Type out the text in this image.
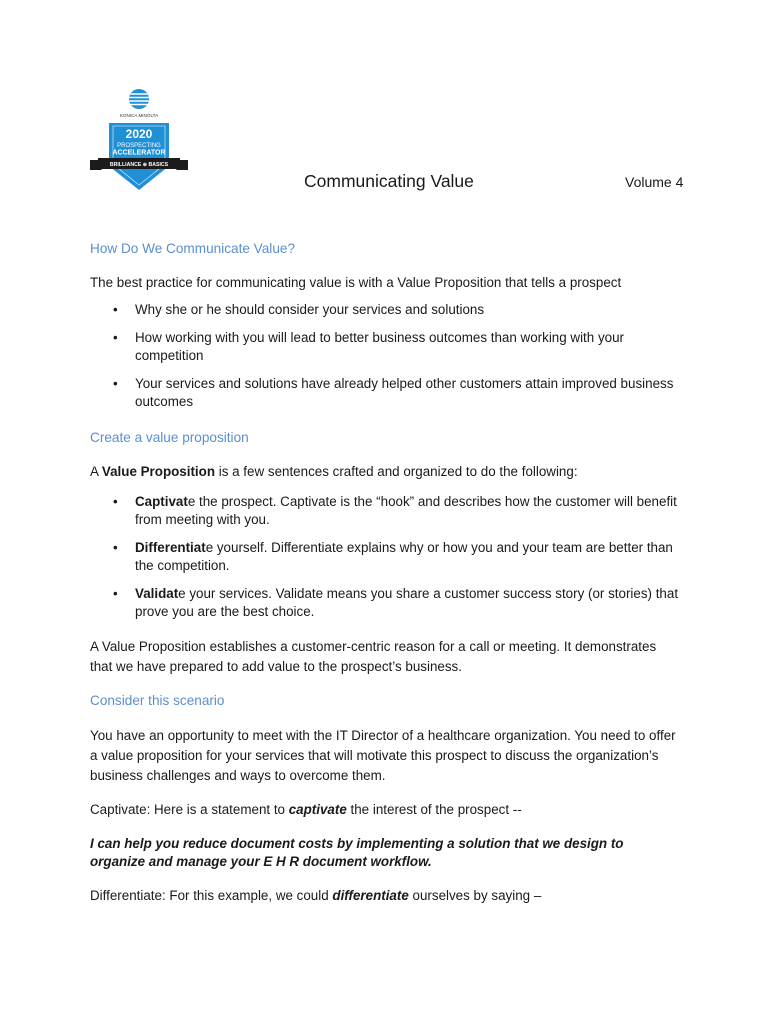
KONICA MINOLTA
2020
PROSPECTING
ACCELERATOR
BRILLIANCE ⊕ BASICS
Communicating Value	Volume 4
How Do We Communicate Value?

The best practice for communicating value is with a Value Proposition that tells a prospect

• Why she or he should consider your services and solutions
• How working with you will lead to better business outcomes than working with your competition
• Your services and solutions have already helped other customers attain improved business outcomes
Create a value proposition

A Value Proposition is a few sentences crafted and organized to do the following:

• Captivate the prospect. Captivate is the “hook” and describes how the customer will benefit from meeting with you.
• Differentiate yourself. Differentiate explains why or how you and your team are better than the competition.
• Validate your services. Validate means you share a customer success story (or stories) that prove you are the best choice.

A Value Proposition establishes a customer-centric reason for a call or meeting. It demonstrates that we have prepared to add value to the prospect’s business.

Consider this scenario

You have an opportunity to meet with the IT Director of a healthcare organization. You need to offer a value proposition for your services that will motivate this prospect to discuss the organization’s business challenges and ways to overcome them.

Captivate: Here is a statement to captivate the interest of the prospect --

I can help you reduce document costs by implementing a solution that we design to organize and manage your E H R document workflow.

Differentiate: For this example, we could differentiate ourselves by saying –
